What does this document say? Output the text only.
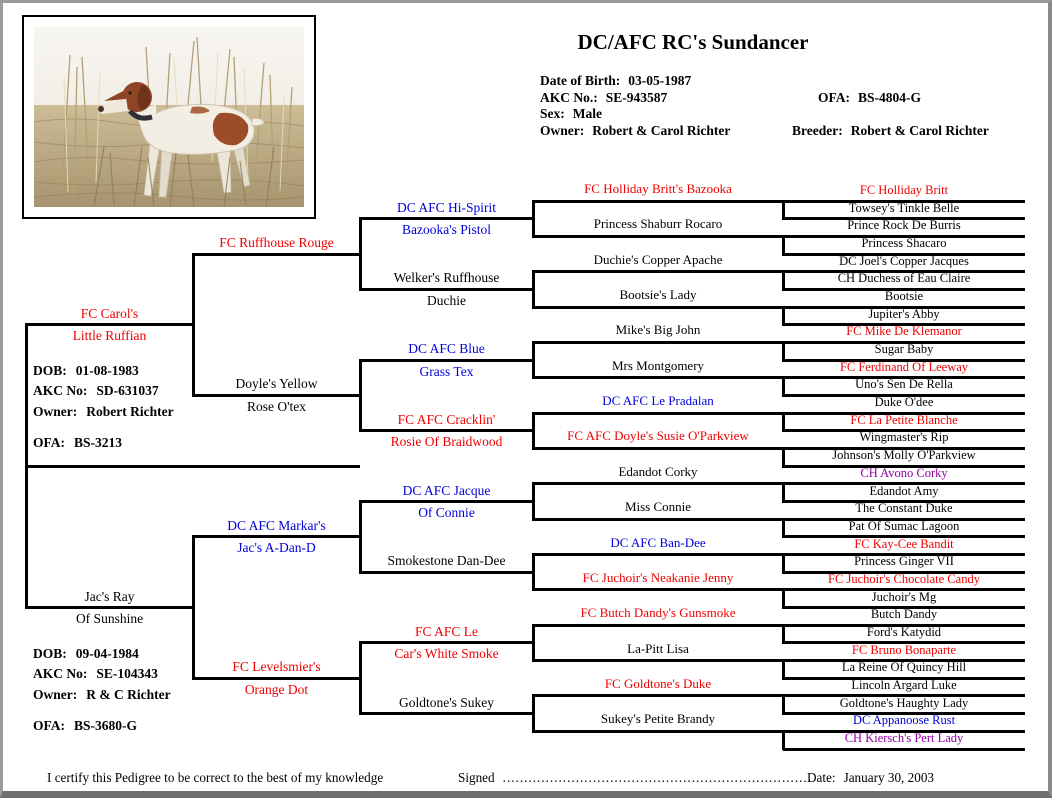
DC/AFC RC's Sundancer
Date of Birth: 03-05-1987
AKC No.: SE-943587
Sex: Male
Owner: Robert & Carol Richter
OFA: BS-4804-G
Breeder: Robert & Carol Richter
FC Carol's
Little Ruffian
DOB: 01-08-1983
AKC No: SD-631037
Owner: Robert Richter
OFA: BS-3213
Jac's Ray
Of Sunshine
DOB: 09-04-1984
AKC No: SE-104343
Owner: R & C Richter
OFA: BS-3680-G
FC Ruffhouse Rouge
Doyle's Yellow
Rose O'tex
DC AFC Markar's
Jac's A-Dan-D
FC Levelsmier's
Orange Dot
DC AFC Hi-Spirit
Bazooka's Pistol
Welker's Ruffhouse
Duchie
DC AFC Blue
Grass Tex
FC AFC Cracklin'
Rosie Of Braidwood
DC AFC Jacque
Of Connie
Smokestone Dan-Dee
FC AFC Le
Car's White Smoke
Goldtone's Sukey
FC Holliday Britt's Bazooka
Princess Shaburr Rocaro
Duchie's Copper Apache
Bootsie's Lady
Mike's Big John
Mrs Montgomery
DC AFC Le Pradalan
FC AFC Doyle's Susie O'Parkview
Edandot Corky
Miss Connie
DC AFC Ban-Dee
FC Juchoir's Neakanie Jenny
FC Butch Dandy's Gunsmoke
La-Pitt Lisa
FC Goldtone's Duke
Sukey's Petite Brandy
FC Holliday Britt
Towsey's Tinkle Belle
Prince Rock De Burris
Princess Shacaro
DC Joel's Copper Jacques
CH Duchess of Eau Claire
Bootsie
Jupiter's Abby
FC Mike De Klemanor
Sugar Baby
FC Ferdinand Of Leeway
Uno's Sen De Rella
Duke O'dee
FC La Petite Blanche
Wingmaster's Rip
Johnson's Molly O'Parkview
CH Avono Corky
Edandot Amy
The Constant Duke
Pat Of Sumac Lagoon
FC Kay-Cee Bandit
Princess Ginger VII
FC Juchoir's Chocolate Candy
Juchoir's Mg
Butch Dandy
Ford's Katydid
FC Bruno Bonaparte
La Reine Of Quincy Hill
Lincoln Argard Luke
Goldtone's Haughty Lady
DC Appanoose Rust
CH Kiersch's Pert Lady
I certify this Pedigree to be correct to the best of my knowledge	Signed ........................................................................
Date: January 30, 2003
